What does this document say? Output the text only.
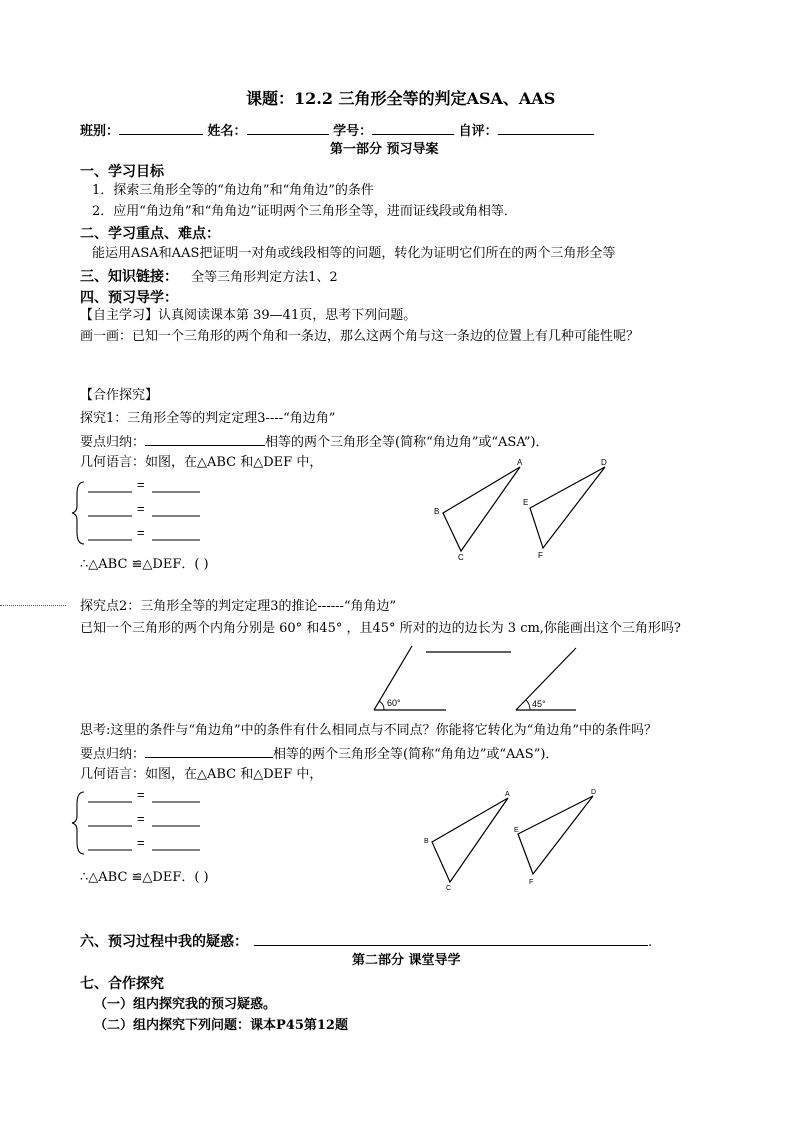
课题：12.2 三角形全等的判定ASA、AAS
班别：	姓名：	学号：	自评：
第一部分 预习导案
一、学习目标
1．探索三角形全等的“角边角”和“角角边”的条件
2．应用“角边角”和“角角边”证明两个三角形全等，进而证线段或角相等．
二、学习重点、难点：
能运用ASA和AAS把证明一对角或线段相等的问题，转化为证明它们所在的两个三角形全等
三、知识链接： 全等三角形判定方法1、2
四、预习导学：
【自主学习】认真阅读课本第 39—41页，思考下列问题。
画一画：已知一个三角形的两个角和一条边，那么这两个角与这一条边的位置上有几种可能性呢？
【合作探究】
探究1：三角形全等的判定定理3----“角边角”
要点归纳：	相等的两个三角形全等(简称“角边角”或“ASA”)．
几何语言：如图，在△ABC 和△DEF 中，
=
=
=
∴△ABC ≌△DEF．( )
A
B
C
D
E
F
探究点2：三角形全等的判定定理3的推论------“角角边”
已知一个三角形的两个内角分别是 60° 和45° ，且45° 所对的边的边长为 3 cm,你能画出这个三角形吗?
60°	45°
思考:这里的条件与“角边角”中的条件有什么相同点与不同点？你能将它转化为“角边角”中的条件吗？
要点归纳：	相等的两个三角形全等(简称“角角边”或“AAS”)．
几何语言：如图，在△ABC 和△DEF 中，
=
=
=
∴△ABC ≌△DEF．( )
A
B
C
D
E
F
六、预习过程中我的疑惑：	.
第二部分 课堂导学
七、合作探究
（一）组内探究我的预习疑惑。
（二）组内探究下列问题：课本P45第12题
